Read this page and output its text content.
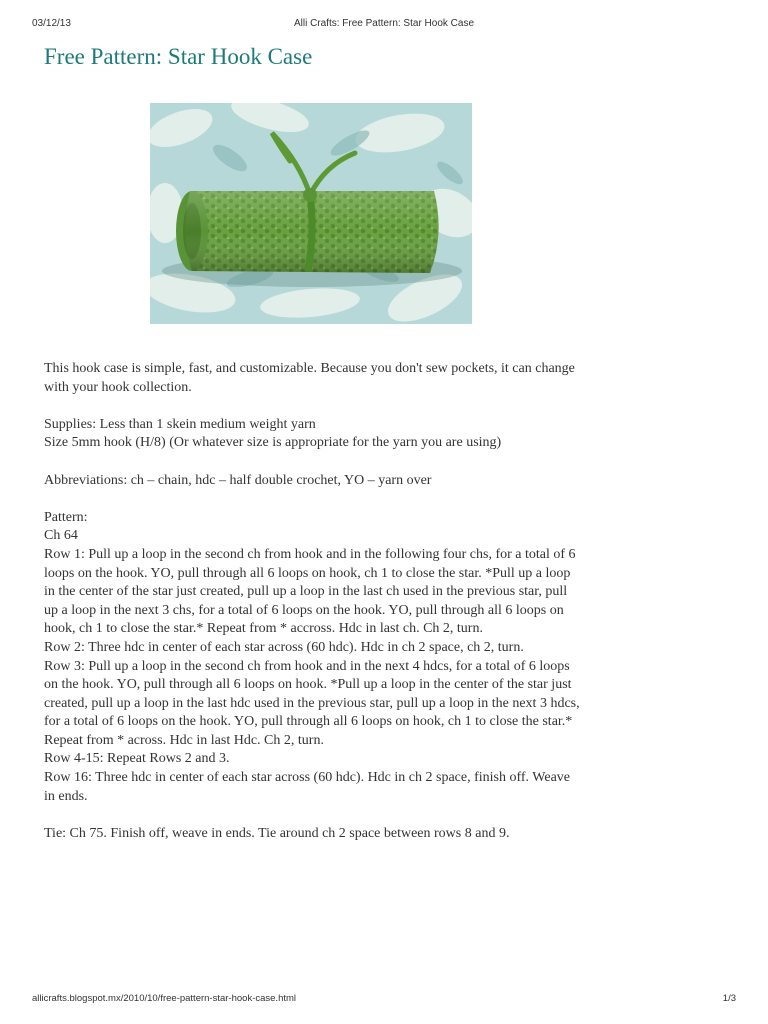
03/12/13	Alli Crafts: Free Pattern: Star Hook Case
Free Pattern: Star Hook Case

This hook case is simple, fast, and customizable. Because you don't sew pockets, it can change with your hook collection.

Supplies: Less than 1 skein medium weight yarn
Size 5mm hook (H/8) (Or whatever size is appropriate for the yarn you are using)

Abbreviations: ch – chain, hdc – half double crochet, YO – yarn over

Pattern:
Ch 64
Row 1: Pull up a loop in the second ch from hook and in the following four chs, for a total of 6 loops on the hook. YO, pull through all 6 loops on hook, ch 1 to close the star. *Pull up a loop in the center of the star just created, pull up a loop in the last ch used in the previous star, pull up a loop in the next 3 chs, for a total of 6 loops on the hook. YO, pull through all 6 loops on hook, ch 1 to close the star.* Repeat from * accross. Hdc in last ch. Ch 2, turn.
Row 2: Three hdc in center of each star across (60 hdc). Hdc in ch 2 space, ch 2, turn.
Row 3: Pull up a loop in the second ch from hook and in the next 4 hdcs, for a total of 6 loops on the hook. YO, pull through all 6 loops on hook. *Pull up a loop in the center of the star just created, pull up a loop in the last hdc used in the previous star, pull up a loop in the next 3 hdcs, for a total of 6 loops on the hook. YO, pull through all 6 loops on hook, ch 1 to close the star.* Repeat from * across. Hdc in last Hdc. Ch 2, turn.
Row 4-15: Repeat Rows 2 and 3.
Row 16: Three hdc in center of each star across (60 hdc). Hdc in ch 2 space, finish off. Weave in ends.

Tie: Ch 75. Finish off, weave in ends. Tie around ch 2 space between rows 8 and 9.

allicrafts.blogspot.mx/2010/10/free-pattern-star-hook-case.html	1/3
